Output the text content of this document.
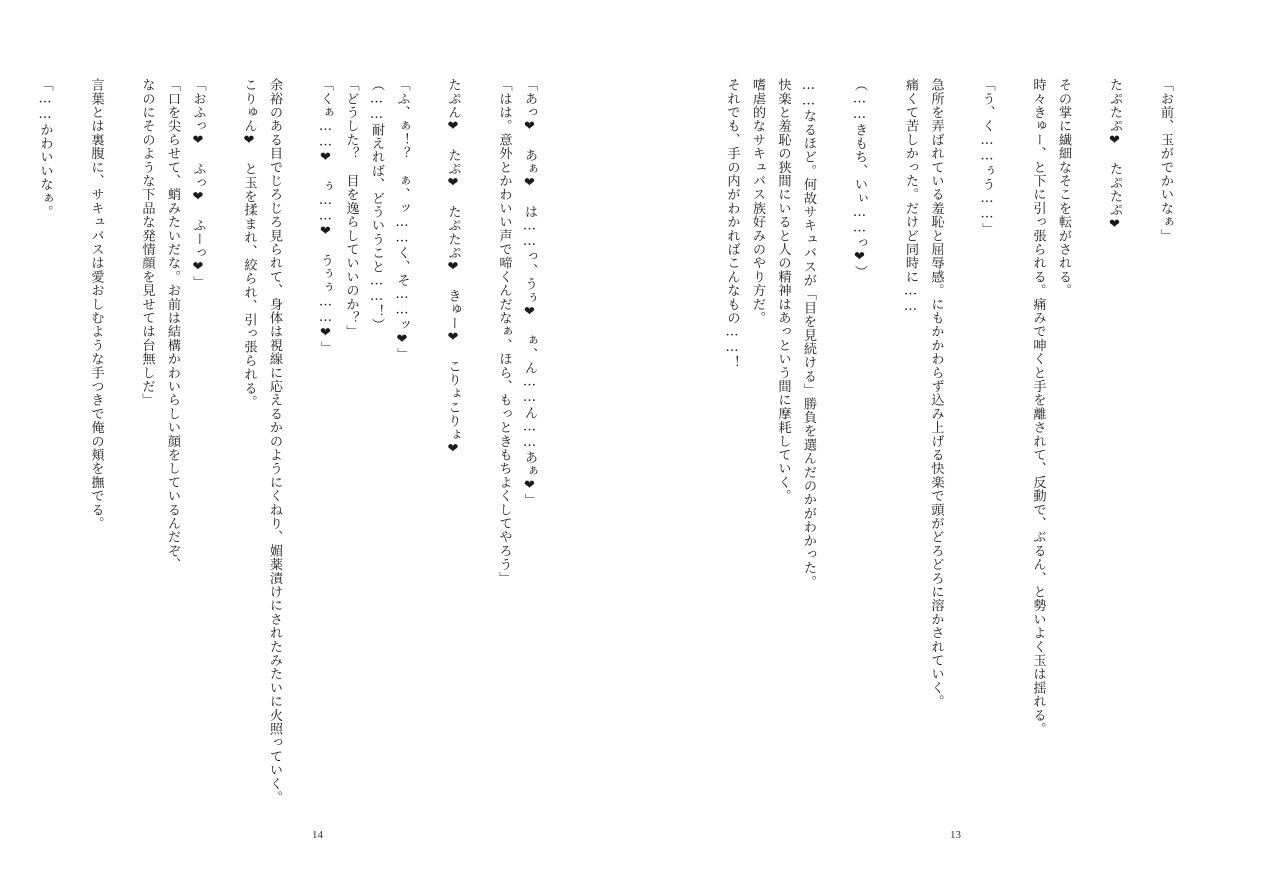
「あっ❤　あぁ❤　は……っ、うぅ❤　ぁ、ん……ん……あぁ❤」
「はは。意外とかわいい声で啼くんだなぁ、ほら、もっときもちよくしてやろう」
たぷん❤　たぷ❤　たぷたぷ❤　きゅー❤　こりょこりょ❤
「ふ、ぁ！？　ぁ、ッ……く、そ……ッ❤」
（……耐えれば、どういうこと……！）
「どうした？　目を逸らしていいのか？」
「くぁ……❤　ぅ……❤　うぅぅ……❤」
余裕のある目でじろじろ見られて、身体は視線に応えるかのようにくねり、媚薬漬けにされたみたいに火照っていく。
こりゅん❤　と玉を揉まれ、絞られ、引っ張られる。
「おふっ❤　ふっ❤　ふーっ❤」
「口を尖らせて、蛸みたいだな。お前は結構かわいらしい顔をしているんだぞ、
なのにそのような下品な発情顔を見せては台無しだ」
言葉とは裏腹に、サキュバスは愛おしむような手つきで俺の頬を撫でる。
「……かわいいなぁ。
14
「お前、玉がでかいなぁ」
たぷたぷ❤　たぷたぷ❤
その掌に繊細なそこを転がされる。
時々きゅー、と下に引っ張られる。痛みで呻くと手を離されて、反動で、ぶるん、と勢いよく玉は揺れる。
「う、く……ぅう……」
急所を弄ばれている羞恥と屈辱感。にもかかわらず込み上げる快楽で頭がどろどろに溶かされていく。
痛くて苦しかった。だけど同時に……
（……きもち、いぃ……っ❤）
……なるほど。何故サキュバスが「目を見続ける」勝負を選んだのかがわかった。
快楽と羞恥の狭間にいると人の精神はあっという間に摩耗していく。
嗜虐的なサキュバス族好みのやり方だ。
それでも、手の内がわかればこんなもの……！
13
